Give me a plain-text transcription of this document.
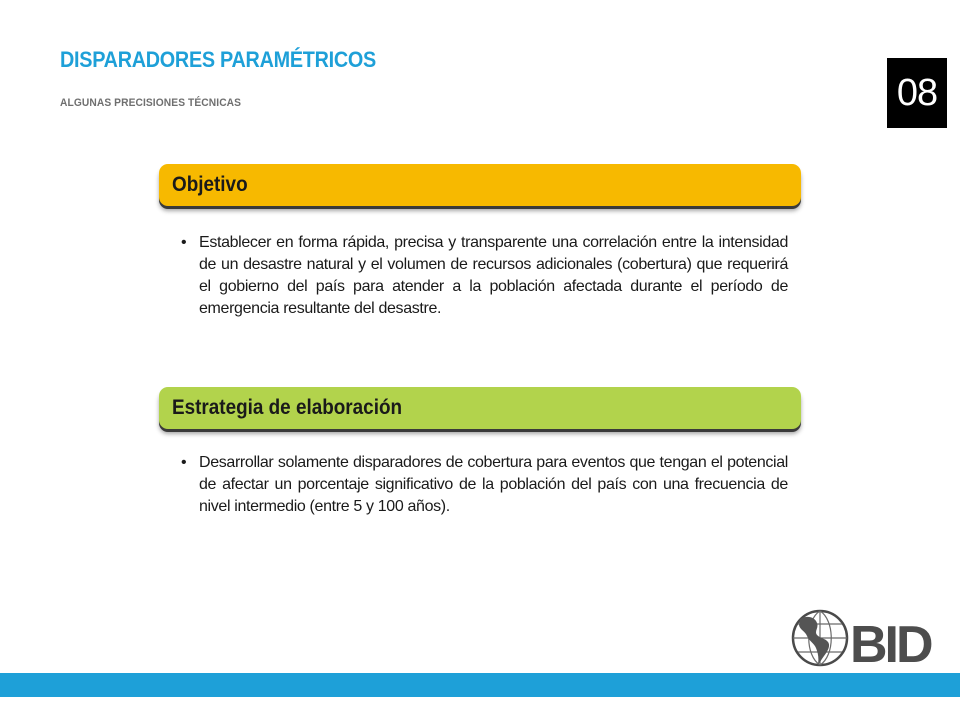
DISPARADORES PARAMÉTRICOS

ALGUNAS PRECISIONES TÉCNICAS	08
Objetivo

• Establecer en forma rápida, precisa y transparente una correlación entre la intensidad de un desastre natural y el volumen de recursos adicionales (cobertura) que requerirá el gobierno del país para atender a la población afectada durante el período de emergencia resultante del desastre.

Estrategia de elaboración

• Desarrollar solamente disparadores de cobertura para eventos que tengan el potencial de afectar un porcentaje significativo de la población del país con una frecuencia de nivel intermedio (entre 5 y 100 años).

BID
